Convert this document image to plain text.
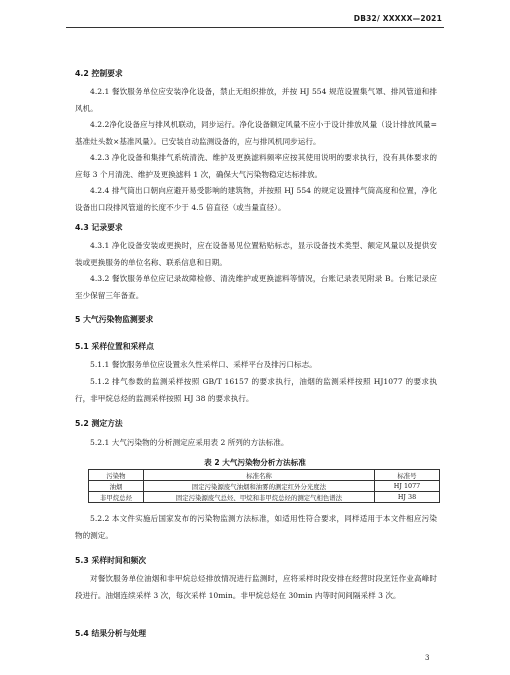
DB32/ XXXXX—2021
4.2 控制要求
4.2.1 餐饮服务单位应安装净化设备，禁止无组织排放，并按 HJ 554 规范设置集气罩、排风管道和排风机。
4.2.2净化设备应与排风机联动，同步运行。净化设备额定风量不应小于设计排放风量（设计排放风量=基准灶头数×基准风量）。已安装自动监测设备的，应与排风机同步运行。
4.2.3 净化设备和集排气系统清洗、维护及更换滤料频率应按其使用说明的要求执行，没有具体要求的应每 3 个月清洗、维护及更换滤料 1 次，确保大气污染物稳定达标排放。
4.2.4 排气筒出口朝向应避开易受影响的建筑物，并按照 HJ 554 的规定设置排气筒高度和位置，净化设备出口段排风管道的长度不少于 4.5 倍直径（或当量直径）。
4.3 记录要求
4.3.1 净化设备安装或更换时，应在设备易见位置粘贴标志，显示设备技术类型、额定风量以及提供安装或更换服务的单位名称、联系信息和日期。
4.3.2 餐饮服务单位应记录故障检修、清洗维护或更换滤料等情况，台账记录表见附录 B。台账记录应至少保留三年备查。
5 大气污染物监测要求
5.1 采样位置和采样点
5.1.1 餐饮服务单位应设置永久性采样口、采样平台及排污口标志。
5.1.2 排气参数的监测采样按照 GB/T 16157 的要求执行，油烟的监测采样按照 HJ1077 的要求执行，非甲烷总烃的监测采样按照 HJ 38 的要求执行。
5.2 测定方法
5.2.1 大气污染物的分析测定应采用表 2 所列的方法标准。
表 2 大气污染物分析方法标准
污染物	标准名称	标准号
油烟	固定污染源废气油烟和油雾的测定红外分光度法	HJ 1077
非甲烷总烃	固定污染源废气总烃、甲烷和非甲烷总烃的测定气相色谱法	HJ 38
5.2.2 本文件实施后国家发布的污染物监测方法标准，如适用性符合要求，同样适用于本文件相应污染物的测定。
5.3 采样时间和频次
对餐饮服务单位油烟和非甲烷总烃排放情况进行监测时，应将采样时段安排在经营时段烹饪作业高峰时段进行。油烟连续采样 3 次，每次采样 10min。非甲烷总烃在 30min 内等时间间隔采样 3 次。
5.4 结果分析与处理
3
